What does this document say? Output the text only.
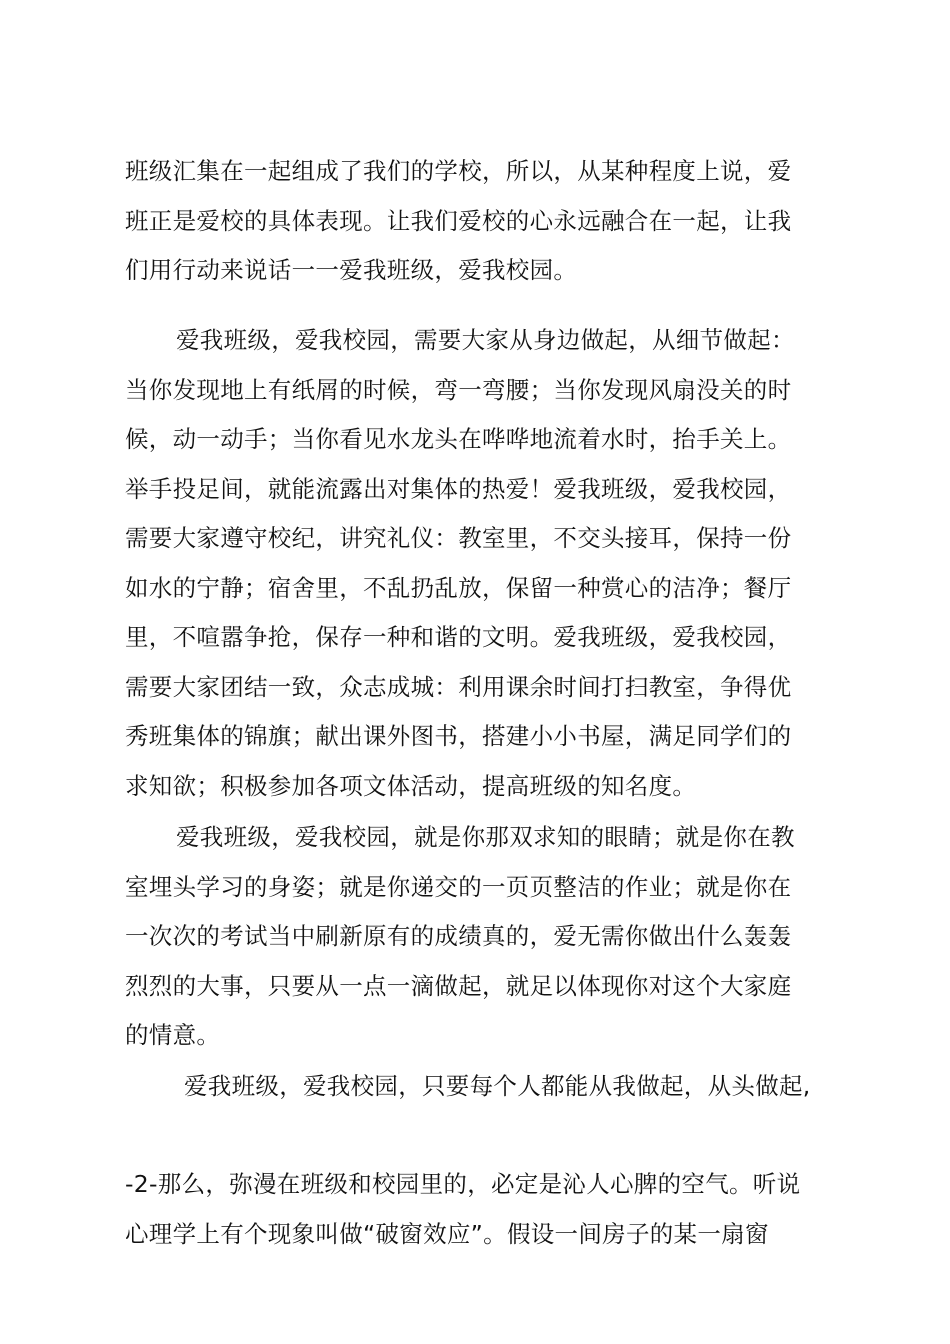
班级汇集在一起组成了我们的学校，所以，从某种程度上说，爱
班正是爱校的具体表现。让我们爱校的心永远融合在一起，让我
们用行动来说话一一爱我班级，爱我校园。

爱我班级，爱我校园，需要大家从身边做起，从细节做起：
当你发现地上有纸屑的时候，弯一弯腰；当你发现风扇没关的时
候，动一动手；当你看见水龙头在哗哗地流着水时，抬手关上。
举手投足间，就能流露出对集体的热爱！爱我班级，爱我校园，
需要大家遵守校纪，讲究礼仪：教室里，不交头接耳，保持一份
如水的宁静；宿舍里，不乱扔乱放，保留一种赏心的洁净；餐厅
里，不喧嚣争抢，保存一种和谐的文明。爱我班级，爱我校园，
需要大家团结一致，众志成城：利用课余时间打扫教室，争得优
秀班集体的锦旗；献出课外图书，搭建小小书屋，满足同学们的
求知欲；积极参加各项文体活动，提高班级的知名度。

爱我班级，爱我校园，就是你那双求知的眼睛；就是你在教
室埋头学习的身姿；就是你递交的一页页整洁的作业；就是你在
一次次的考试当中刷新原有的成绩真的，爱无需你做出什么轰轰
烈烈的大事，只要从一点一滴做起，就足以体现你对这个大家庭
的情意。

爱我班级，爱我校园，只要每个人都能从我做起，从头做起,

-2-那么，弥漫在班级和校园里的，必定是沁人心脾的空气。听说
心理学上有个现象叫做“破窗效应”。假设一间房子的某一扇窗
